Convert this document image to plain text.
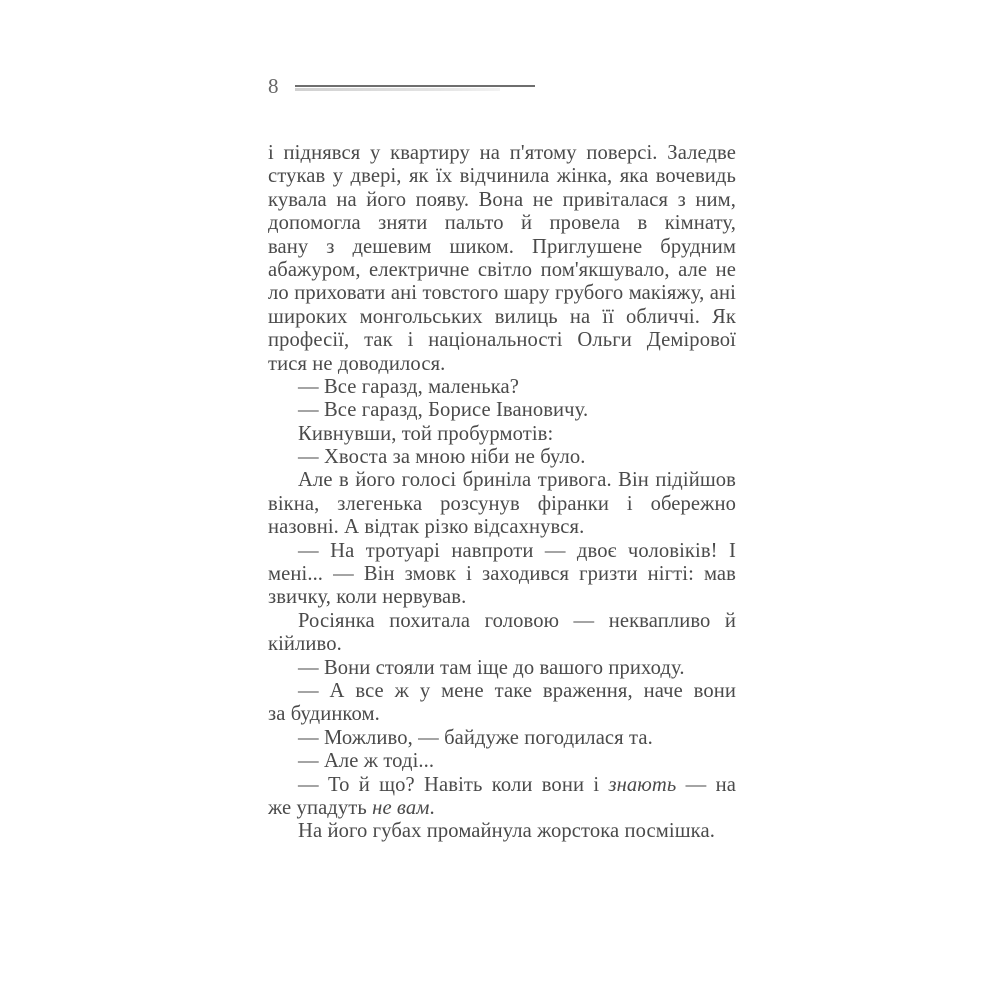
8
і піднявся у квартиру на п'ятому поверсі. Заледве
стукав у двері, як їх відчинила жінка, яка вочевидь
кувала на його появу. Вона не привіталася з ним,
допомогла зняти пальто й провела в кімнату,
вану з дешевим шиком. Приглушене брудним
абажуром, електричне світло пом'якшувало, але не
ло приховати ані товстого шару грубого макіяжу, ані
широких монгольських вилиць на її обличчі. Як
професії, так і національності Ольги Демірової
тися не доводилося.
— Все гаразд, маленька?
— Все гаразд, Борисе Івановичу.
Кивнувши, той пробурмотів:
— Хвоста за мною ніби не було.
Але в його голосі бриніла тривога. Він підійшов
вікна, злегенька розсунув фіранки і обережно
назовні. А відтак різко відсахнувся.
— На тротуарі навпроти — двоє чоловіків! І
мені... — Він змовк і заходився гризти нігті: мав
звичку, коли нервував.
Росіянка похитала головою — неквапливо й
кійливо.
— Вони стояли там іще до вашого приходу.
— А все ж у мене таке враження, наче вони
за будинком.
— Можливо, — байдуже погодилася та.
— Але ж тоді...
— То й що? Навіть коли вони і знають — на
же упадуть не вам.
На його губах промайнула жорстока посмішка.
